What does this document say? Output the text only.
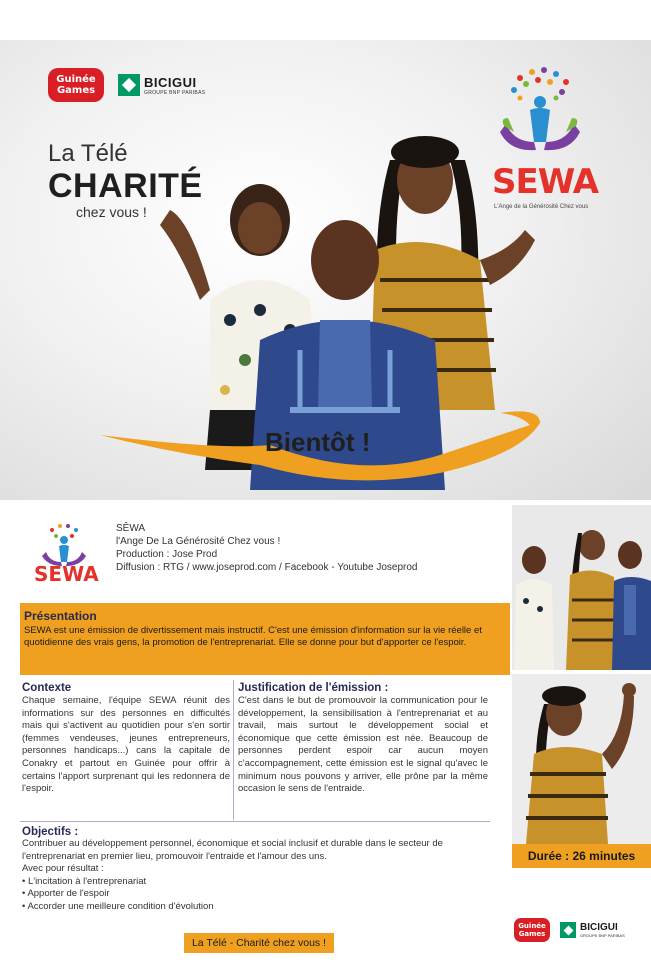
Guinée Games
BICIGUI
GROUPE BNP PARIBAS
La Télé
CHARITÉ
chez vous !
SEWA
L'Ange de la Générosité Chez vous
Bientôt !
SEWA
SÊWA
l'Ange De La Générosité Chez vous !
Production : Jose Prod
Diffusion : RTG / www.joseprod.com / Facebook - Youtube Joseprod
Durée : 26 minutes
Présentation
SEWA est une émission de divertissement mais instructif. C'est une émission d'information sur la vie réelle et quotidienne des vrais gens, la promotion de l'entreprenariat. Elle se donne pour but d'apporter ce l'espoir.
Contexte
Chaque semaine, l'équipe SEWA réunit des informations sur des personnes en difficultés mais qui s'activent au quotidien pour s'en sortir (femmes vendeuses, jeunes entrepreneurs, personnes handicaps...) cans la capitale de Conakry et partout en Guinée pour offrir à certains l'apport surprenant qui les redonnera de l'espoir.
Justification de l'émission :
C'est dans le but de promouvoir la communication pour le développement, la sensibilisation à l'entreprenariat et au travail, mais surtout le développement social et économique que cette émission est née. Beaucoup de personnes perdent espoir car aucun moyen c'accompagnement, cette émission est le signal qu'avec le minimum nous pouvons y arriver, elle prône par la même occasion le sens de l'entraide.
Objectifs :
Contribuer au développement personnel, économique et social inclusif et durable dans le secteur de l'entreprenariat en premier lieu, promouvoir l'entraide et l'amour des uns.
Avec pour résultat :
• L'incitation à l'entreprenariat
• Apporter de l'espoir
• Accorder une meilleure condition d'évolution
La Télé - Charité chez vous !
Guinée Games
BICIGUI
GROUPE BNP PARIBAS
